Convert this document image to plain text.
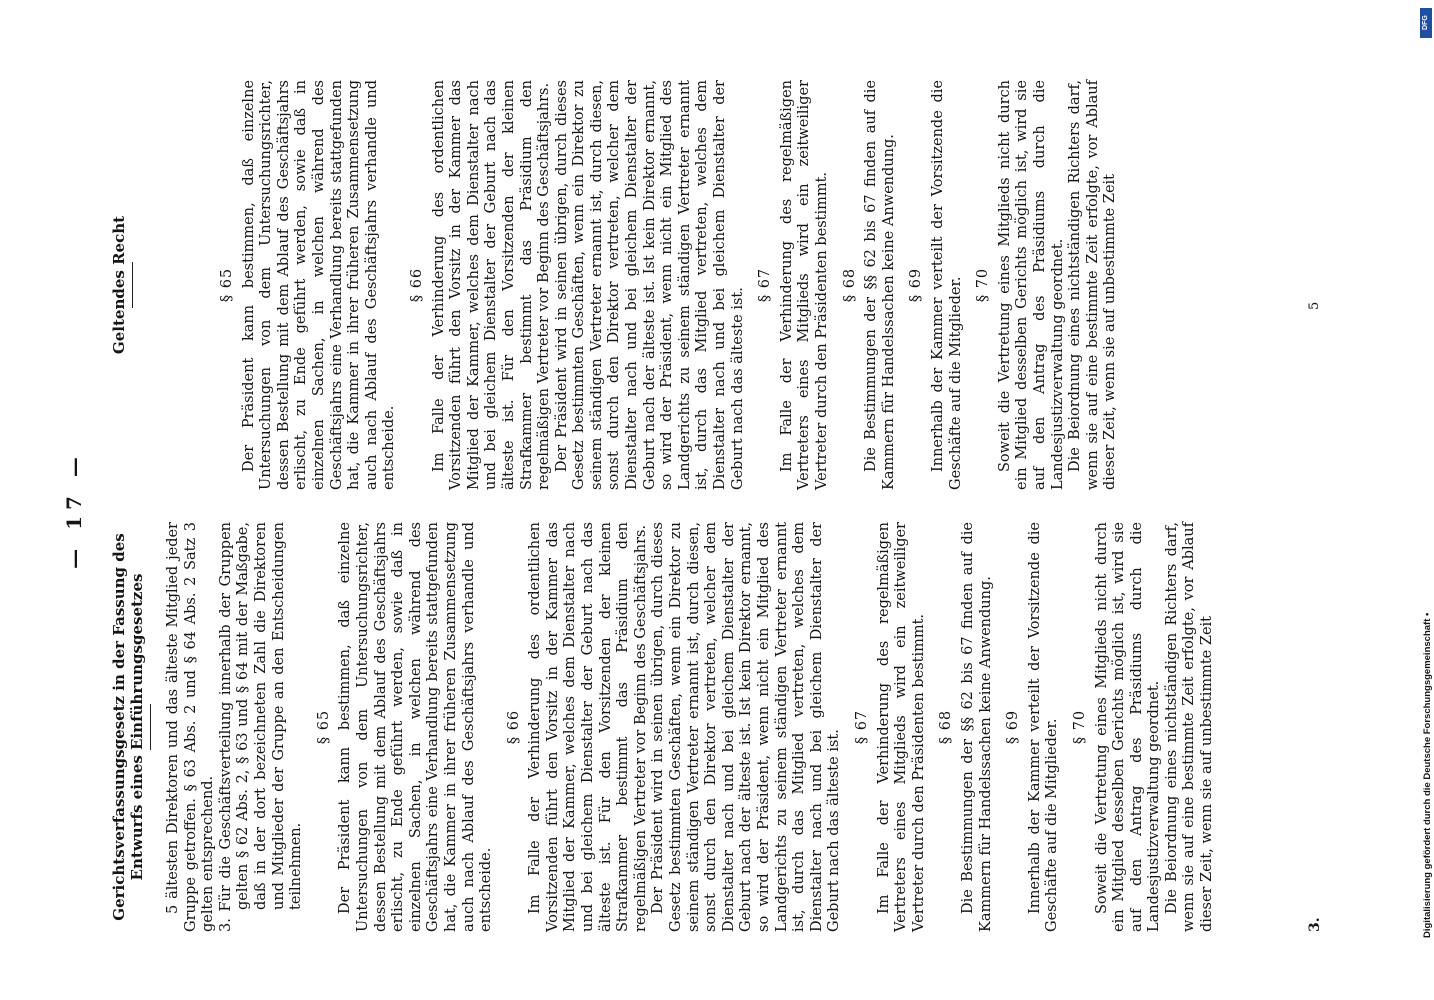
— 17 —
Gerichtsverfassungsgesetz in der Fassung des Entwurfs eines Einführungsgesetzes 5 ältesten Direktoren und das älteste Mitglied jeder Gruppe getroffen. § 63 Abs. 2 und § 64 Abs. 2 Satz 3 gelten entsprechend. 3. Für die Geschäftsverteilung innerhalb der Gruppen gelten § 62 Abs. 2, § 63 und § 64 mit der Maßgabe, daß in der dort bezeichneten Zahl die Direktoren und Mitglieder der Gruppe an den Entscheidungen teilnehmen.

§ 65 Der Präsident kann bestimmen, daß einzelne Untersuchungen von dem Untersuchungsrichter, dessen Bestellung mit dem Ablauf des Geschäftsjahrs erlischt, zu Ende geführt werden, sowie daß in einzelnen Sachen, in welchen während des Geschäftsjahrs eine Verhandlung bereits stattgefunden hat, die Kammer in ihrer früheren Zusammensetzung auch nach Ablauf des Geschäftsjahrs verhandle und entscheide.

§ 66 Im Falle der Verhinderung des ordentlichen Vorsitzenden führt den Vorsitz in der Kammer das Mitglied der Kammer, welches dem Dienstalter nach und bei gleichem Dienstalter der Geburt nach das älteste ist. Für den Vorsitzenden der kleinen Strafkammer bestimmt das Präsidium den regelmäßigen Vertreter vor Beginn des Geschäftsjahrs. Der Präsident wird in seinen übrigen, durch dieses Gesetz bestimmten Geschäften, wenn ein Direktor zu seinem ständigen Vertreter ernannt ist, durch diesen, sonst durch den Direktor vertreten, welcher dem Dienstalter nach und bei gleichem Dienstalter der Geburt nach der älteste ist. Ist kein Direktor ernannt, so wird der Präsident, wenn nicht ein Mitglied des Landgerichts zu seinem ständigen Vertreter ernannt ist, durch das Mitglied vertreten, welches dem Dienstalter nach und bei gleichem Dienstalter der Geburt nach das älteste ist.

§ 67 Im Falle der Verhinderung des regelmäßigen Vertreters eines Mitglieds wird ein zeitweiliger Vertreter durch den Präsidenten bestimmt. § 68 Die Bestimmungen der §§ 62 bis 67 finden auf die Kammern für Handelssachen keine Anwendung. § 69 Innerhalb der Kammer verteilt der Vorsitzende die Geschäfte auf die Mitglieder. § 70 Soweit die Vertretung eines Mitglieds nicht durch ein Mitglied desselben Gerichts möglich ist, wird sie auf den Antrag des Präsidiums durch die Landesjustizverwaltung geordnet. Die Beiordnung eines nichtständigen Richters darf, wenn sie auf eine bestimmte Zeit erfolgte, vor Ablauf dieser Zeit, wenn sie auf unbestimmte Zeit

Geltendes Recht	§ 65 Der Präsident kann bestimmen, daß einzelne Untersuchungen von dem Untersuchungsrichter, dessen Bestellung mit dem Ablauf des Geschäftsjahrs erlischt, zu Ende geführt werden, sowie daß in einzelnen Sachen, in welchen während des Geschäftsjahrs eine Verhandlung bereits stattgefunden hat, die Kammer in ihrer früheren Zusammensetzung auch nach Ablauf des Geschäftsjahrs verhandle und entscheide.

§ 66 Im Falle der Verhinderung des ordentlichen Vorsitzenden führt den Vorsitz in der Kammer das Mitglied der Kammer, welches dem Dienstalter nach und bei gleichem Dienstalter der Geburt nach das älteste ist. Für den Vorsitzenden der kleinen Strafkammer bestimmt das Präsidium den regelmäßigen Vertreter vor Beginn des Geschäftsjahrs. Der Präsident wird in seinen übrigen, durch dieses Gesetz bestimmten Geschäften, wenn ein Direktor zu seinem ständigen Vertreter ernannt ist, durch diesen, sonst durch den Direktor vertreten, welcher dem Dienstalter nach und bei gleichem Dienstalter der Geburt nach der älteste ist. Ist kein Direktor ernannt, so wird der Präsident, wenn nicht ein Mitglied des Landgerichts zu seinem ständigen Vertreter ernannt ist, durch das Mitglied vertreten, welches dem Dienstalter nach und bei gleichem Dienstalter der Geburt nach das älteste ist.

§ 67 Im Falle der Verhinderung des regelmäßigen Vertreters eines Mitglieds wird ein zeitweiliger Vertreter durch den Präsidenten bestimmt. § 68 Die Bestimmungen der §§ 62 bis 67 finden auf die Kammern für Handelssachen keine Anwendung. § 69 Innerhalb der Kammer verteilt der Vorsitzende die Geschäfte auf die Mitglieder. § 70 Soweit die Vertretung eines Mitglieds nicht durch ein Mitglied desselben Gerichts möglich ist, wird sie auf den Antrag des Präsidiums durch die Landesjustizverwaltung geordnet. Die Beiordnung eines nichtständigen Richters darf, wenn sie auf eine bestimmte Zeit erfolgte, vor Ablauf dieser Zeit, wenn sie auf unbestimmte Zeit

3.
5
Digitalisierung gefördert durch die Deutsche Forschungsgemeinschaft •
DFG
